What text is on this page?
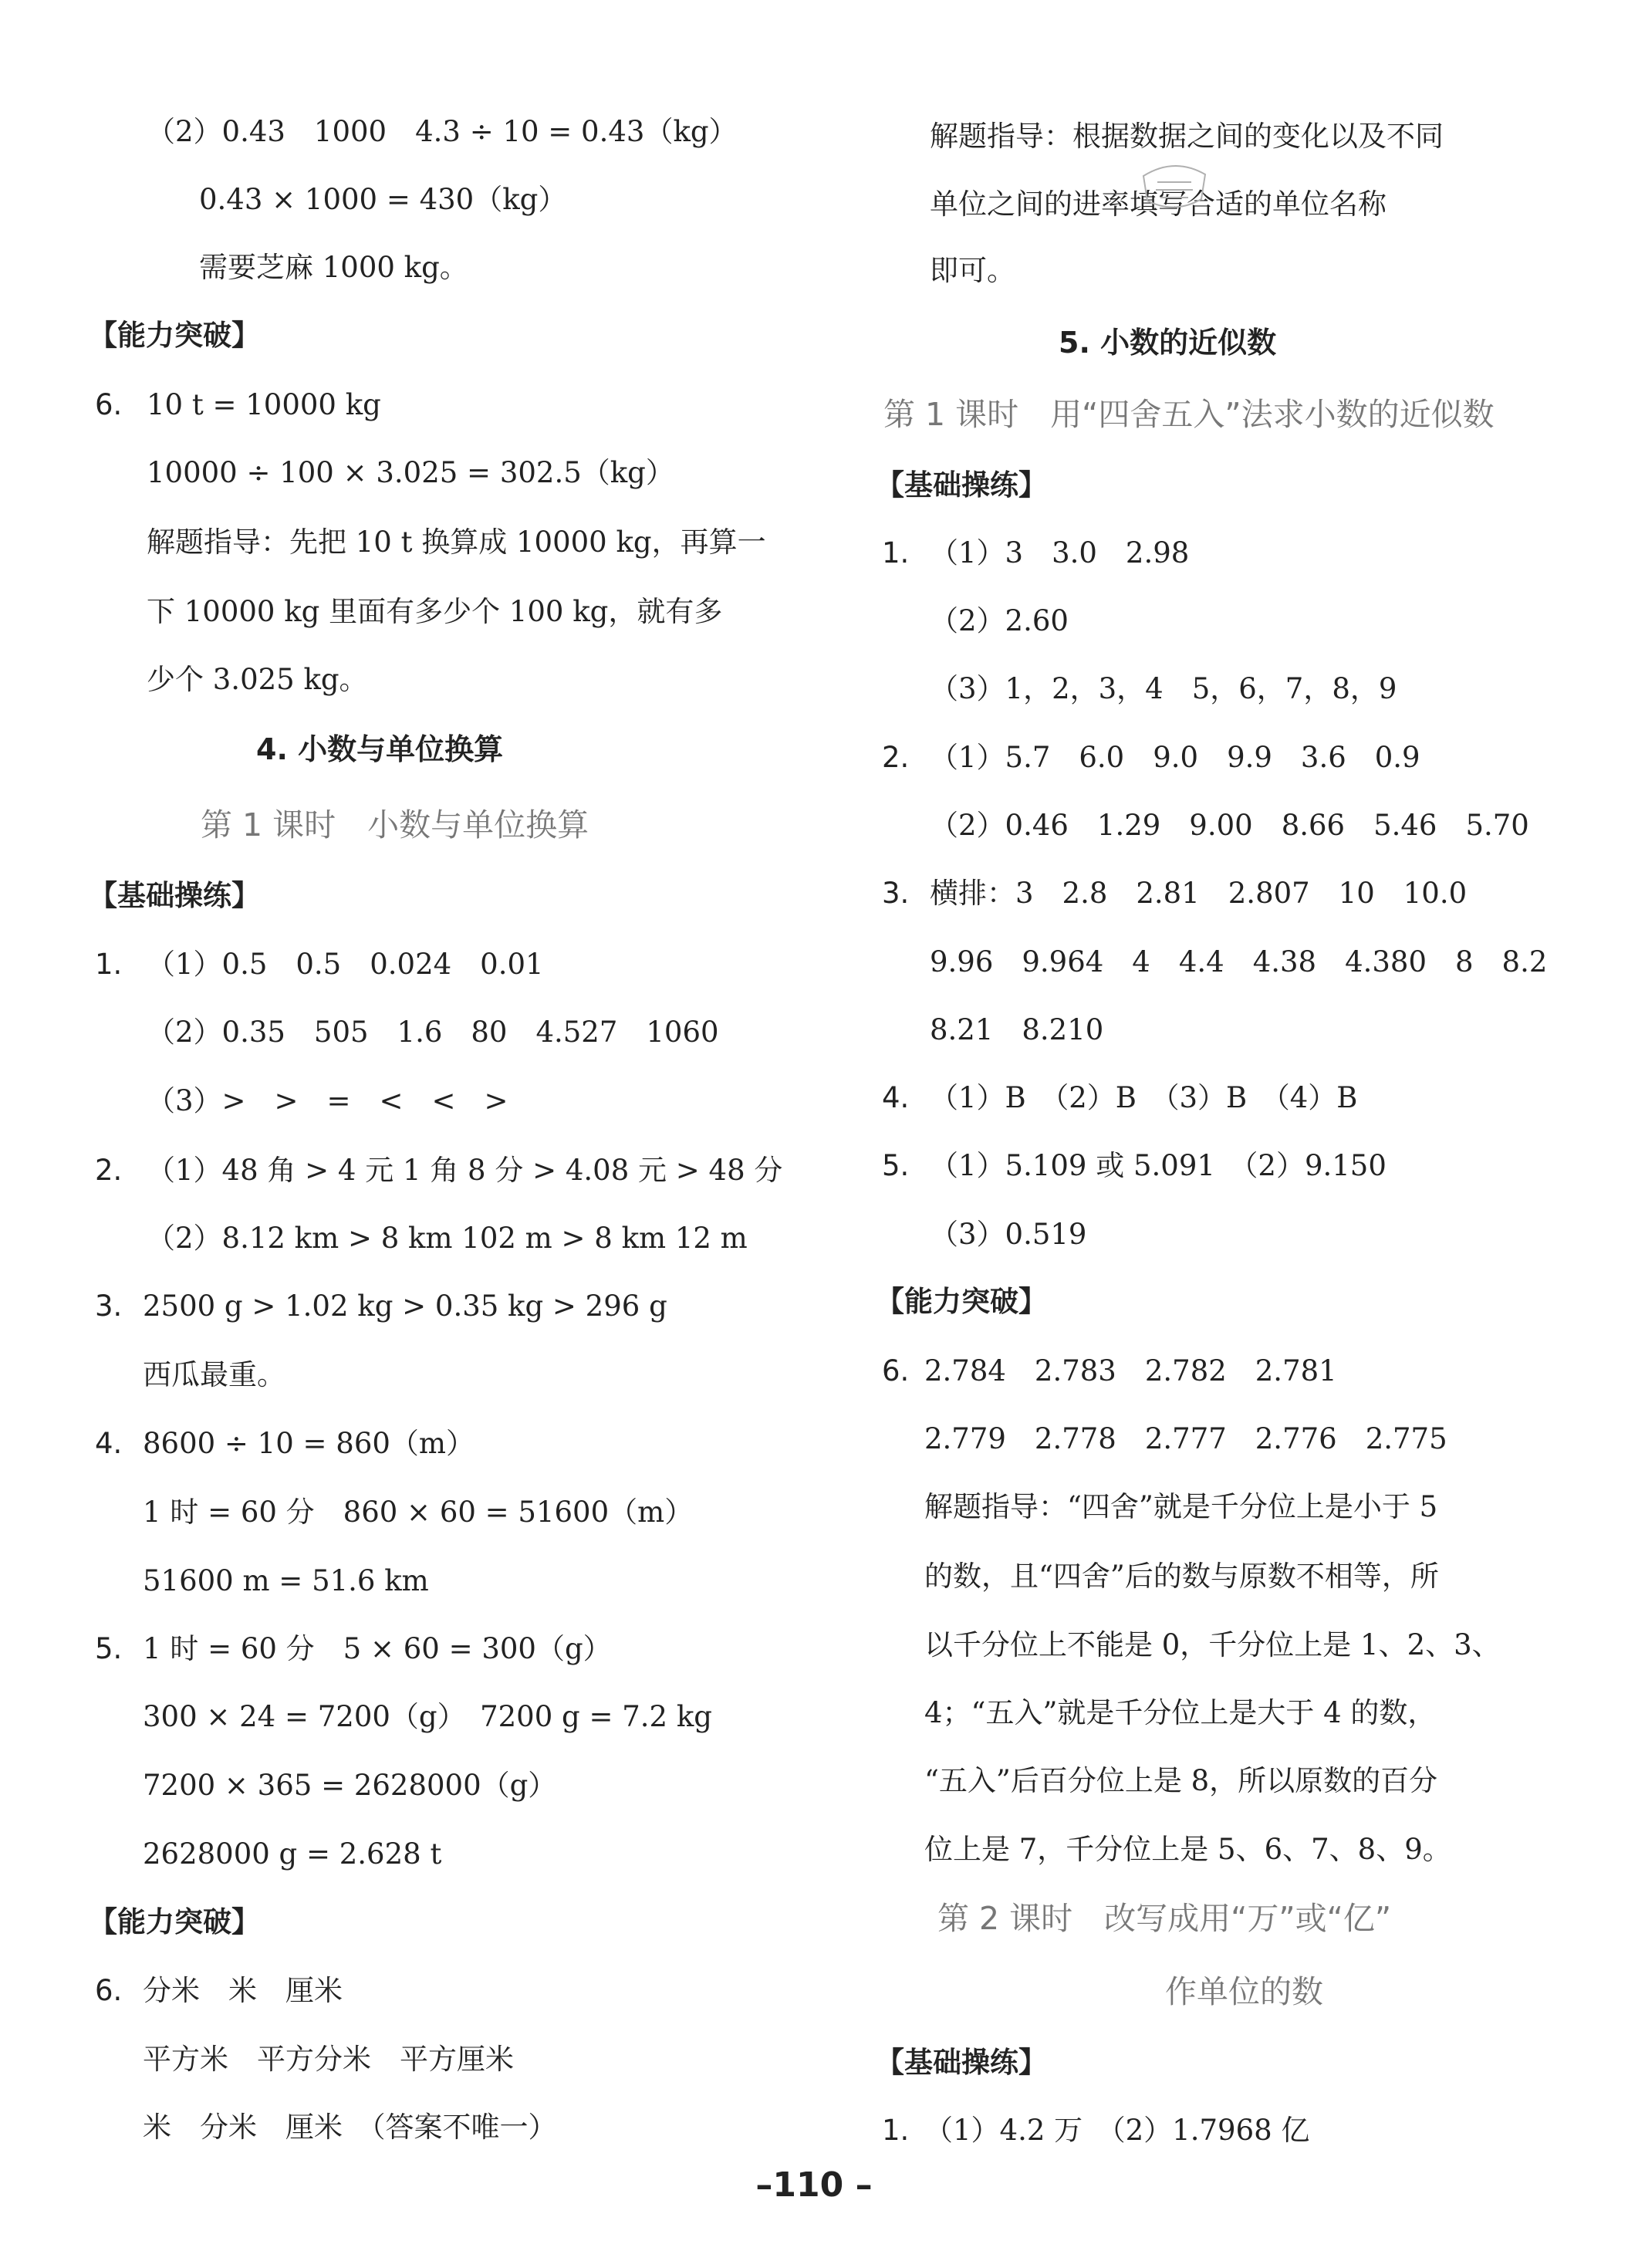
（2）0.43　1000　4.3 ÷ 10 = 0.43（kg）
0.43 × 1000 = 430（kg）
需要芝麻 1000 kg。
【能力突破】
6. 10 t = 10000 kg
10000 ÷ 100 × 3.025 = 302.5（kg）
解题指导：先把 10 t 换算成 10000 kg，再算一
下 10000 kg 里面有多少个 100 kg，就有多
少个 3.025 kg。
4. 小数与单位换算
第 1 课时　小数与单位换算
【基础操练】
1. （1）0.5　0.5　0.024　0.01
（2）0.35　505　1.6　80　4.527　1060
（3）>　>　=　<　<　>
2. （1）48 角 > 4 元 1 角 8 分 > 4.08 元 > 48 分
（2）8.12 km > 8 km 102 m > 8 km 12 m
3. 2500 g > 1.02 kg > 0.35 kg > 296 g
西瓜最重。
4. 8600 ÷ 10 = 860（m）
1 时 = 60 分　860 × 60 = 51600（m）
51600 m = 51.6 km
5. 1 时 = 60 分　5 × 60 = 300（g）
300 × 24 = 7200（g）　7200 g = 7.2 kg
7200 × 365 = 2628000（g）
2628000 g = 2.628 t
【能力突破】
6. 分米　米　厘米
平方米　平方分米　平方厘米
米　分米　厘米　（答案不唯一）
解题指导：根据数据之间的变化以及不同
单位之间的进率填写合适的单位名称
即可。
5. 小数的近似数
第 1 课时　用“四舍五入”法求小数的近似数
【基础操练】
1. （1）3　3.0　2.98
（2）2.60
（3）1，2，3，4　5，6，7，8，9
2. （1）5.7　6.0　9.0　9.9　3.6　0.9
（2）0.46　1.29　9.00　8.66　5.46　5.70
3. 横排：3　2.8　2.81　2.807　10　10.0
9.96　9.964　4　4.4　4.38　4.380　8　8.2
8.21　8.210
4. （1）B　（2）B　（3）B　（4）B
5. （1）5.109 或 5.091　（2）9.150
（3）0.519
【能力突破】
6. 2.784　2.783　2.782　2.781
2.779　2.778　2.777　2.776　2.775
解题指导：“四舍”就是千分位上是小于 5
的数，且“四舍”后的数与原数不相等，所
以千分位上不能是 0，千分位上是 1、2、3、
4；“五入”就是千分位上是大于 4 的数，
“五入”后百分位上是 8，所以原数的百分
位上是 7，千分位上是 5、6、7、8、9。
第 2 课时　改写成用“万”或“亿”
作单位的数
【基础操练】
1. （1）4.2 万　（2）1.7968 亿
–110 –
